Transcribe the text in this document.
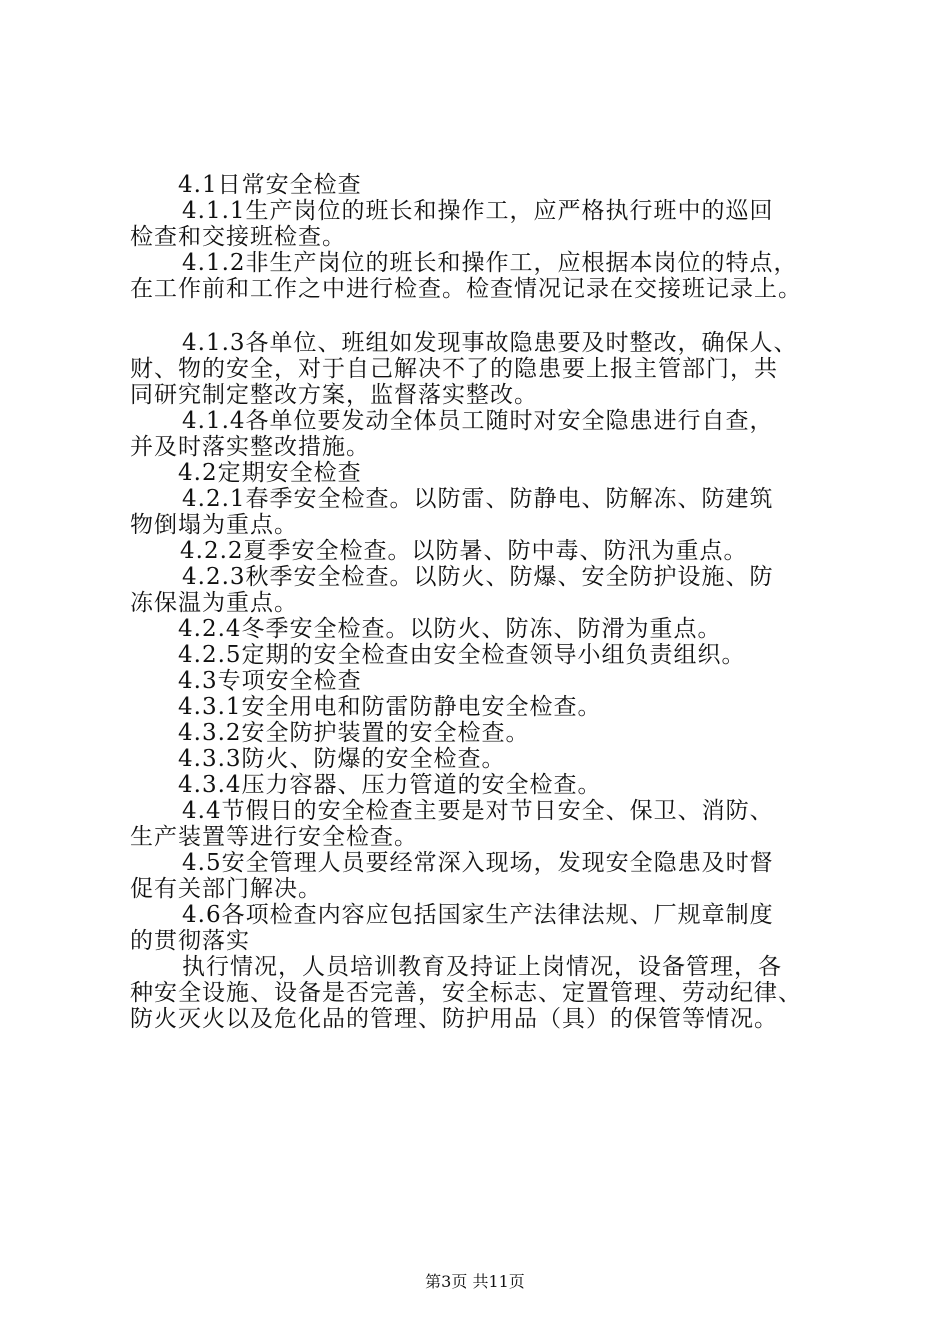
4.1日常安全检查
4.1.1生产岗位的班长和操作工，应严格执行班中的巡回
检查和交接班检查。
4.1.2非生产岗位的班长和操作工，应根据本岗位的特点，
在工作前和工作之中进行检查。检查情况记录在交接班记录上。
4.1.3各单位、班组如发现事故隐患要及时整改，确保人、
财、物的安全，对于自己解决不了的隐患要上报主管部门，共
同研究制定整改方案，监督落实整改。
4.1.4各单位要发动全体员工随时对安全隐患进行自查，
并及时落实整改措施。
4.2定期安全检查
4.2.1春季安全检查。以防雷、防静电、防解冻、防建筑
物倒塌为重点。
4.2.2夏季安全检查。以防暑、防中毒、防汛为重点。
4.2.3秋季安全检查。以防火、防爆、安全防护设施、防
冻保温为重点。
4.2.4冬季安全检查。以防火、防冻、防滑为重点。
4.2.5定期的安全检查由安全检查领导小组负责组织。
4.3专项安全检查
4.3.1安全用电和防雷防静电安全检查。
4.3.2安全防护装置的安全检查。
4.3.3防火、防爆的安全检查。
4.3.4压力容器、压力管道的安全检查。
4.4节假日的安全检查主要是对节日安全、保卫、消防、
生产装置等进行安全检查。
4.5安全管理人员要经常深入现场，发现安全隐患及时督
促有关部门解决。
4.6各项检查内容应包括国家生产法律法规、厂规章制度
的贯彻落实
执行情况，人员培训教育及持证上岗情况，设备管理，各
种安全设施、设备是否完善，安全标志、定置管理、劳动纪律、
防火灭火以及危化品的管理、防护用品（具）的保管等情况。
第3页 共11页
